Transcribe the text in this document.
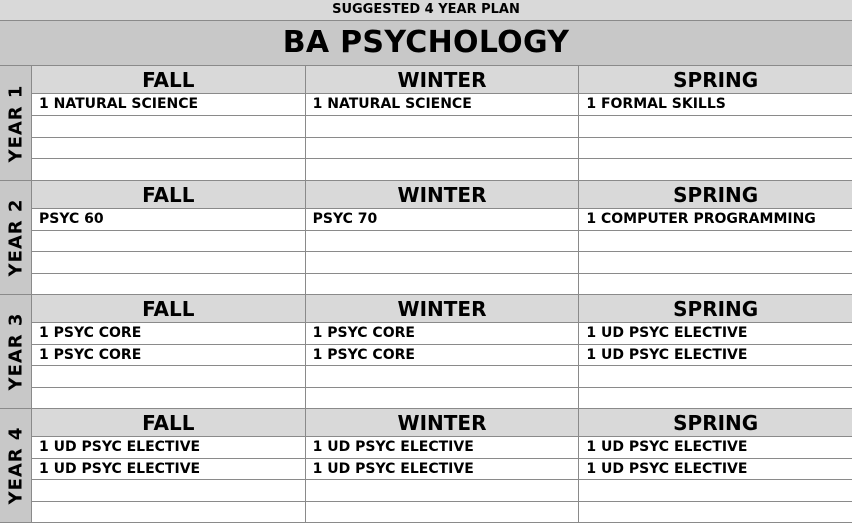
SUGGESTED 4 YEAR PLAN
BA PSYCHOLOGY
YEAR 1
FALL
1 NATURAL SCIENCE
WINTER
1 NATURAL SCIENCE
SPRING
1 FORMAL SKILLS
YEAR 2
FALL
PSYC 60
WINTER
PSYC 70
SPRING
1 COMPUTER PROGRAMMING
YEAR 3
FALL
1 PSYC CORE
1 PSYC CORE
WINTER
1 PSYC CORE
1 PSYC CORE
SPRING
1 UD PSYC ELECTIVE
1 UD PSYC ELECTIVE
YEAR 4
FALL
1 UD PSYC ELECTIVE
1 UD PSYC ELECTIVE
WINTER
1 UD PSYC ELECTIVE
1 UD PSYC ELECTIVE
SPRING
1 UD PSYC ELECTIVE
1 UD PSYC ELECTIVE
